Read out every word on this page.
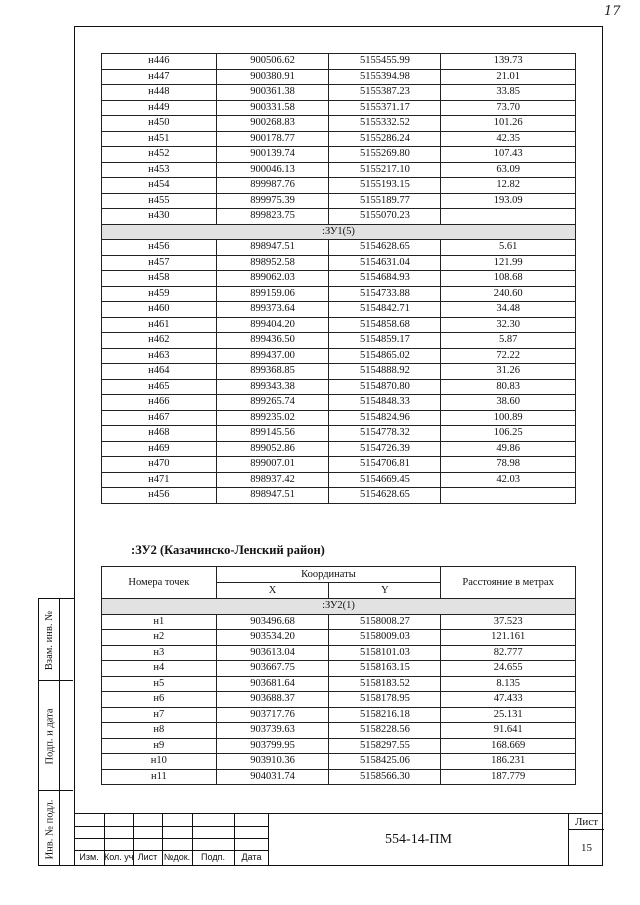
17
Взам. инв. №
Подп. и дата
Инв. № подл.
н446	900506.62	5155455.99	139.73
н447	900380.91	5155394.98	21.01
н448	900361.38	5155387.23	33.85
н449	900331.58	5155371.17	73.70
н450	900268.83	5155332.52	101.26
н451	900178.77	5155286.24	42.35
н452	900139.74	5155269.80	107.43
н453	900046.13	5155217.10	63.09
н454	899987.76	5155193.15	12.82
н455	899975.39	5155189.77	193.09
н430	899823.75	5155070.23	
:ЗУ1(5)			
н456	898947.51	5154628.65	5.61
н457	898952.58	5154631.04	121.99
н458	899062.03	5154684.93	108.68
н459	899159.06	5154733.88	240.60
н460	899373.64	5154842.71	34.48
н461	899404.20	5154858.68	32.30
н462	899436.50	5154859.17	5.87
н463	899437.00	5154865.02	72.22
н464	899368.85	5154888.92	31.26
н465	899343.38	5154870.80	80.83
н466	899265.74	5154848.33	38.60
н467	899235.02	5154824.96	100.89
н468	899145.56	5154778.32	106.25
н469	899052.86	5154726.39	49.86
н470	899007.01	5154706.81	78.98
н471	898937.42	5154669.45	42.03
н456	898947.51	5154628.65	
:ЗУ2 (Казачинско-Ленский район)
Номера точек	Координаты		Расстояние в метрах
	X	Y	
:ЗУ2(1)			
н1	903496.68	5158008.27	37.523
н2	903534.20	5158009.03	121.161
н3	903613.04	5158101.03	82.777
н4	903667.75	5158163.15	24.655
н5	903681.64	5158183.52	8.135
н6	903688.37	5158178.95	47.433
н7	903717.76	5158216.18	25.131
н8	903739.63	5158228.56	91.641
н9	903799.95	5158297.55	168.669
н10	903910.36	5158425.06	186.231
н11	904031.74	5158566.30	187.779
Изм. Кол. уч Лист №док.	Подп.	Дата
554-14-ПМ
Лист
15
